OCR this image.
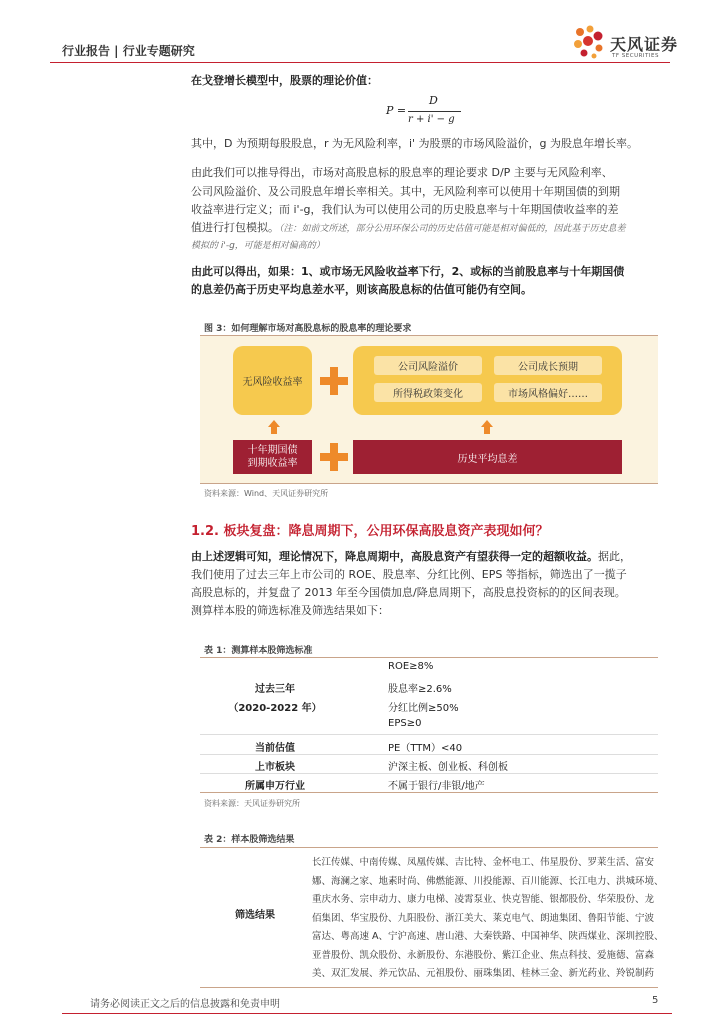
行业报告 | 行业专题研究	天风证券
TF SECURITIES
在戈登增长模型中，股票的理论价值：
P =
D
r + i' − g
其中，D 为预期每股股息，r 为无风险利率，i' 为股票的市场风险溢价，g 为股息年增长率。
由此我们可以推导得出，市场对高股息标的股息率的理论要求 D/P 主要与无风险利率、
公司风险溢价、及公司股息年增长率相关。其中，无风险利率可以使用十年期国债的到期
收益率进行定义；而 i'-g，我们认为可以使用公司的历史股息率与十年期国债收益率的差
值进行打包模拟。（注：如前文所述，部分公用环保公司的历史估值可能是相对偏低的，因此基于历史息差
模拟的 i'-g，可能是相对偏高的）
由此可以得出，如果：1、或市场无风险收益率下行，2、或标的当前股息率与十年期国债
的息差仍高于历史平均息差水平，则该高股息标的估值可能仍有空间。
图 3：如何理解市场对高股息标的股息率的理论要求
无风险收益率
公司风险溢价	公司成长预期
所得税政策变化	市场风格偏好……
十年期国债
到期收益率	历史平均息差
资料来源：Wind、天风证券研究所
1.2. 板块复盘：降息周期下，公用环保高股息资产表现如何？
由上述逻辑可知，理论情况下，降息周期中，高股息资产有望获得一定的超额收益。据此，
我们使用了过去三年上市公司的 ROE、股息率、分红比例、EPS 等指标，筛选出了一揽子
高股息标的，并复盘了 2013 年至今国债加息/降息周期下，高股息投资标的的区间表现。
测算样本股的筛选标准及筛选结果如下：
表 1：测算样本股筛选标准
过去三年
（2020-2022 年）
ROE≥8%
股息率≥2.6%
分红比例≥50%
EPS≥0
当前估值	PE（TTM）<40
上市板块	沪深主板、创业板、科创板
所属申万行业	不属于银行/非银/地产
资料来源：天风证券研究所
表 2：样本股筛选结果
筛选结果
长江传媒、中南传媒、凤凰传媒、吉比特、金杯电工、伟星股份、罗莱生活、富安
娜、海澜之家、地素时尚、佛燃能源、川投能源、百川能源、长江电力、洪城环境、
重庆水务、宗申动力、康力电梯、凌霄泵业、快克智能、银都股份、华荣股份、龙
佰集团、华宝股份、九阳股份、浙江美大、莱克电气、朗迪集团、鲁阳节能、宁波
富达、粤高速 A、宁沪高速、唐山港、大秦铁路、中国神华、陕西煤业、深圳控股、
亚普股份、凯众股份、永新股份、东港股份、紫江企业、焦点科技、爱施德、富森
美、双汇发展、养元饮品、元祖股份、丽珠集团、桂林三金、新光药业、羚锐制药
请务必阅读正文之后的信息披露和免责申明	5
